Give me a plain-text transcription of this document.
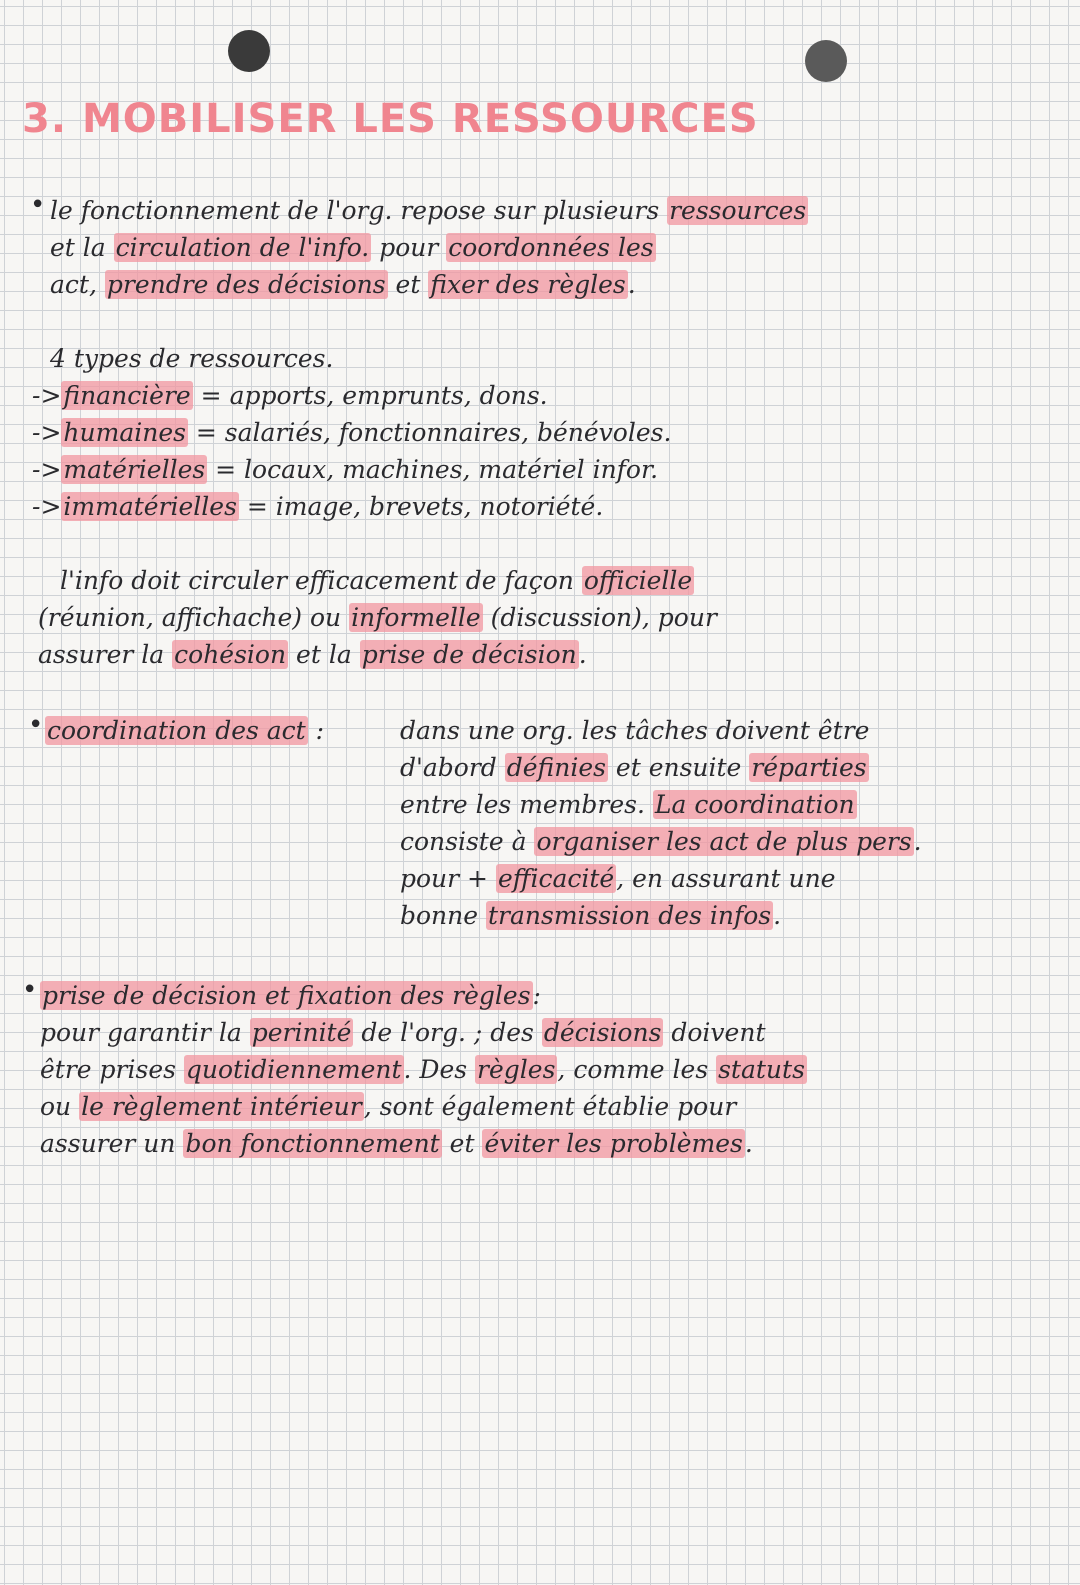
3. MOBILISER LES RESSOURCES
• le fonctionnement de l'org. repose sur plusieurs ressources

et la circulation de l'info. pour coordonnées les

act, prendre des décisions et fixer des règles.

4 types de ressources.

->financière = apports, emprunts, dons.

->humaines = salariés, fonctionnaires, bénévoles.

->matérielles = locaux, machines, matériel infor.

->immatérielles = image, brevets, notoriété.

l'info doit circuler efficacement de façon officielle

(réunion, affichache) ou informelle (discussion), pour

assurer la cohésion et la prise de décision.

• coordination des act :	dans une org. les tâches doivent être

d'abord définies et ensuite réparties

entre les membres. La coordination

consiste à organiser les act de plus pers.

pour + efficacité, en assurant une

bonne transmission des infos.

• prise de décision et fixation des règles:

pour garantir la perinité de l'org. ; des décisions doivent

être prises quotidiennement. Des règles, comme les statuts

ou le règlement intérieur, sont également établie pour

assurer un bon fonctionnement et éviter les problèmes.
